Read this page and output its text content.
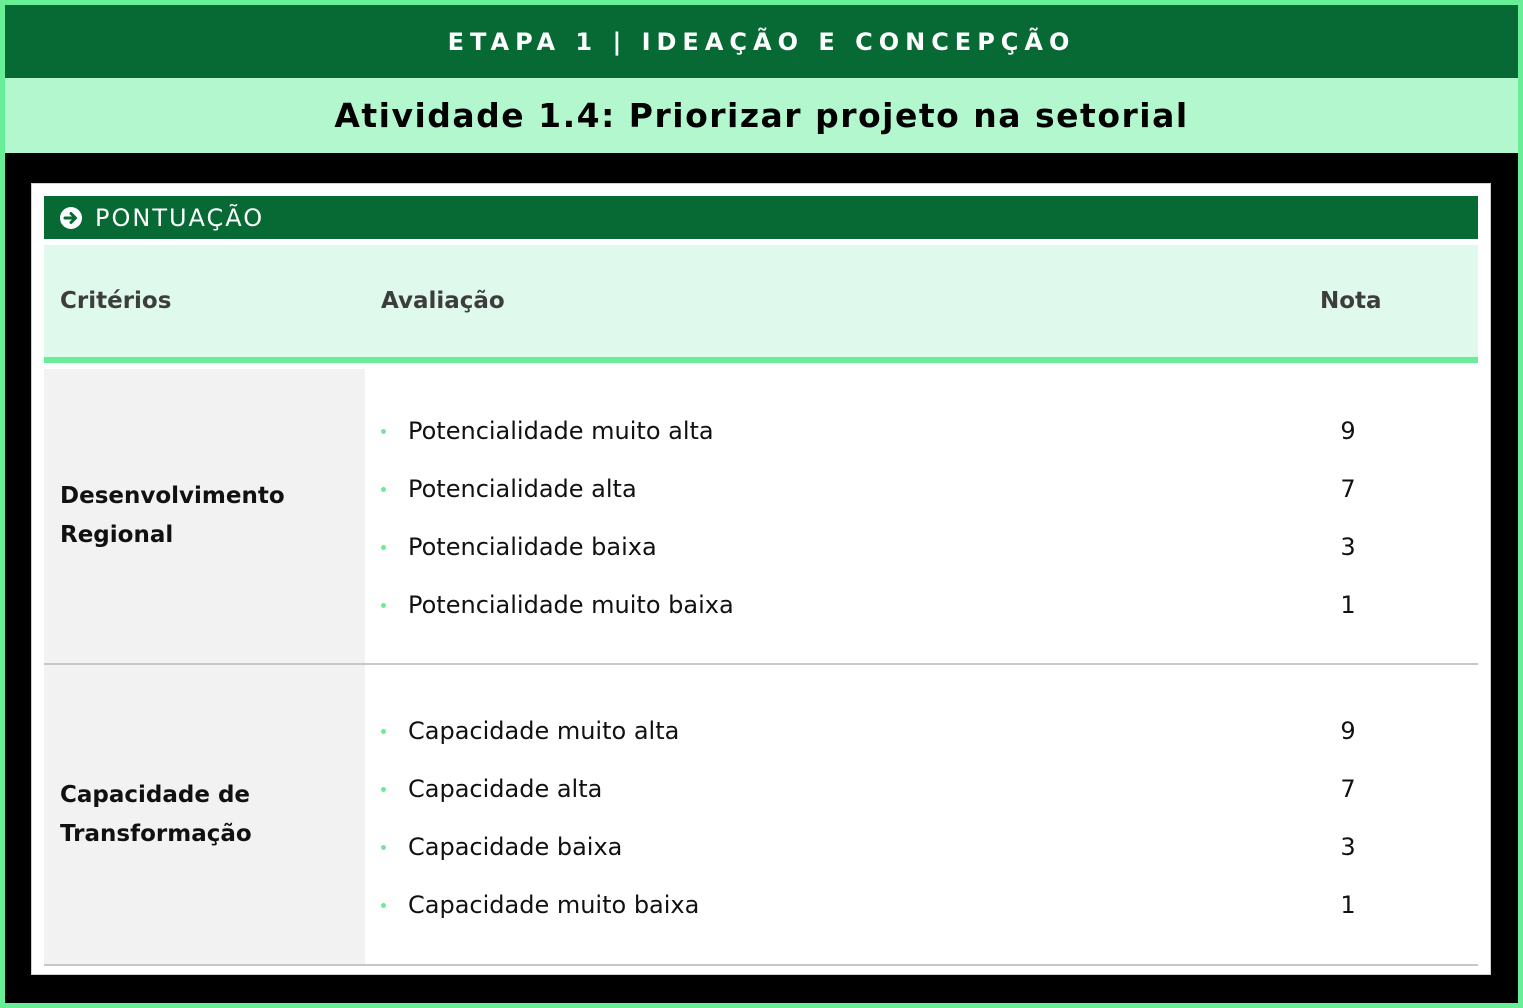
ETAPA 1 | IDEAÇÃO E CONCEPÇÃO
Atividade 1.4: Priorizar projeto na setorial
PONTUAÇÃO
Critérios	Avaliação	Nota
Desenvolvimento Regional
Potencialidade muito alta	9
Potencialidade alta	7
Potencialidade baixa	3
Potencialidade muito baixa	1
Capacidade de Transformação
Capacidade muito alta	9
Capacidade alta	7
Capacidade baixa	3
Capacidade muito baixa	1
